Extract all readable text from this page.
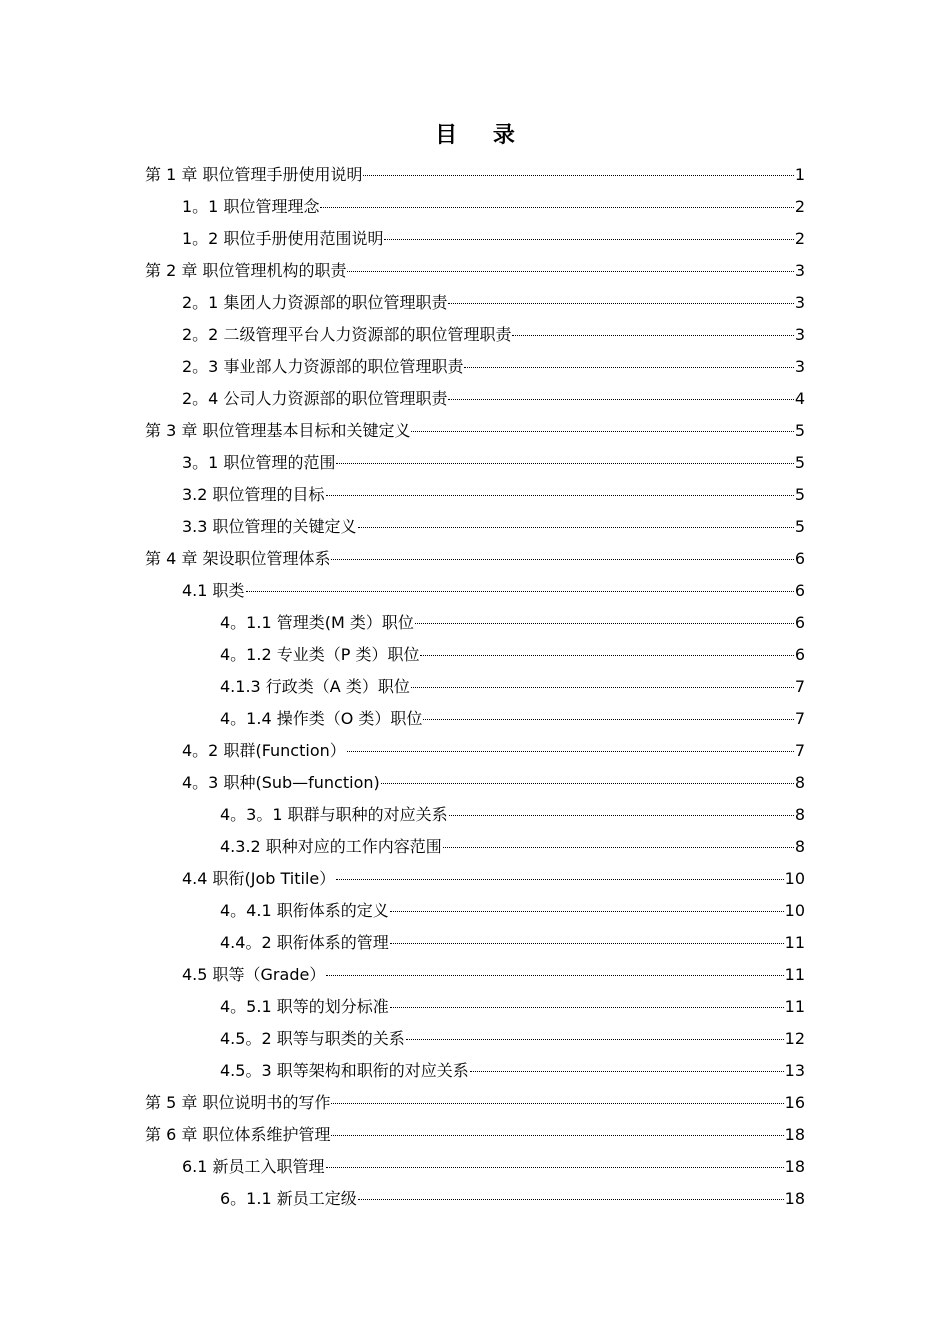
目 录
第 1 章 职位管理手册使用说明	1
1。1 职位管理理念	2
1。2 职位手册使用范围说明	2
第 2 章 职位管理机构的职责	3
2。1 集团人力资源部的职位管理职责	3
2。2 二级管理平台人力资源部的职位管理职责	3
2。3 事业部人力资源部的职位管理职责	3
2。4 公司人力资源部的职位管理职责	4
第 3 章 职位管理基本目标和关键定义	5
3。1 职位管理的范围	5
3.2 职位管理的目标	5
3.3 职位管理的关键定义	5
第 4 章 架设职位管理体系	6
4.1 职类	6
4。1.1 管理类(M 类）职位	6
4。1.2 专业类（P 类）职位	6
4.1.3 行政类（A 类）职位	7
4。1.4 操作类（O 类）职位	7
4。2 职群(Function）	7
4。3 职种(Sub—function)	8
4。3。1 职群与职种的对应关系	8
4.3.2 职种对应的工作内容范围	8
4.4 职衔(Job Titile）	10
4。4.1 职衔体系的定义	10
4.4。2 职衔体系的管理	11
4.5 职等（Grade）	11
4。5.1 职等的划分标准	11
4.5。2 职等与职类的关系	12
4.5。3 职等架构和职衔的对应关系	13
第 5 章 职位说明书的写作	16
第 6 章 职位体系维护管理	18
6.1 新员工入职管理	18
6。1.1 新员工定级	18
